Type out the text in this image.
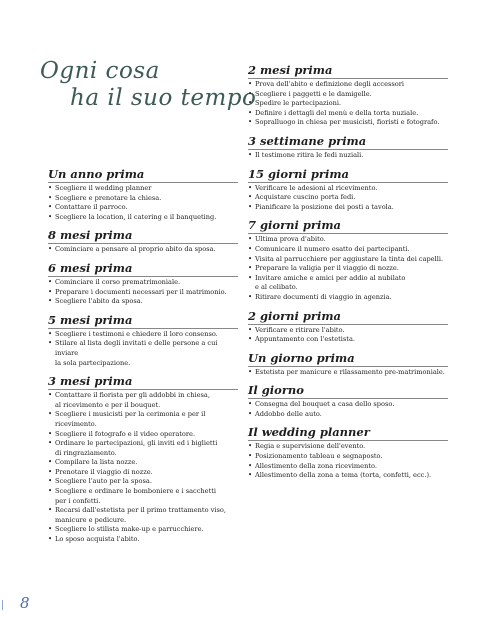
Ogni cosa
ha il suo tempo
Un anno prima
• Scegliere il wedding planner
• Scegliere e prenotare la chiesa.
• Contattare il parroco.
• Scegliere la location, il catering e il banqueting.
8 mesi prima
• Cominciare a pensare al proprio abito da sposa.
6 mesi prima
• Cominciare il corso prematrimoniale.
• Preparare i documenti necessari per il matrimonio.
• Scegliere l'abito da sposa.
5 mesi prima
• Scegliere i testimoni e chiedere il loro consenso.
• Stilare al lista degli invitati e delle persone a cui inviare
la sola partecipazione.
3 mesi prima
• Contattare il fiorista per gli addobbi in chiesa,
al ricevimento e per il bouquet.
• Scegliere i musicisti per la cerimonia e per il ricevimento.
• Scegliere il fotografo e il video operatore.
• Ordinare le partecipazioni, gli inviti ed i biglietti
di ringraziamento.
• Compilare la lista nozze.
• Prenotare il viaggio di nozze.
• Scegliere l'auto per la sposa.
• Scegliere e ordinare le bomboniere e i sacchetti
per i confetti.
• Recarsi dall'estetista per il primo trattamento viso,
manicure e pedicure.
• Scegliere lo stilista make-up e parrucchiere.
• Lo sposo acquista l'abito.
2 mesi prima
• Prova dell'abito e definizione degli accessori
• Scegliere i paggetti e le damigelle.
• Spedire le partecipazioni.
• Definire i dettagli del menù e della torta nuziale.
• Sopralluogo in chiesa per musicisti, fioristi e fotografo.
3 settimane prima
• Il testimone ritira le fedi nuziali.
15 giorni prima
• Verificare le adesioni al ricevimento.
• Acquistare cuscino porta fedi.
• Pianificare la posizione dei posti a tavola.
7 giorni prima
• Ultima prova d'abito.
• Comunicare il numero esatto dei partecipanti.
• Visita al parrucchiere per aggiustare la tinta dei capelli.
• Preparare la valigia per il viaggio di nozze.
• Invitare amiche e amici per addio al nubilato
e al celibato.
• Ritirare documenti di viaggio in agenzia.
2 giorni prima
• Verificare e ritirare l'abito.
• Appuntamento con l'estetista.
Un giorno prima
• Estetista per manicure e rilassamento pre-matrimoniale.
Il giorno
• Consegna del bouquet a casa dello sposo.
• Addobbo delle auto.
Il wedding planner
• Regia e supervisione dell'evento.
• Posizionamento tableau e segnaposto.
• Allestimento della zona ricevimento.
• Allestimento della zona a tema (torta, confetti, ecc.).
8
